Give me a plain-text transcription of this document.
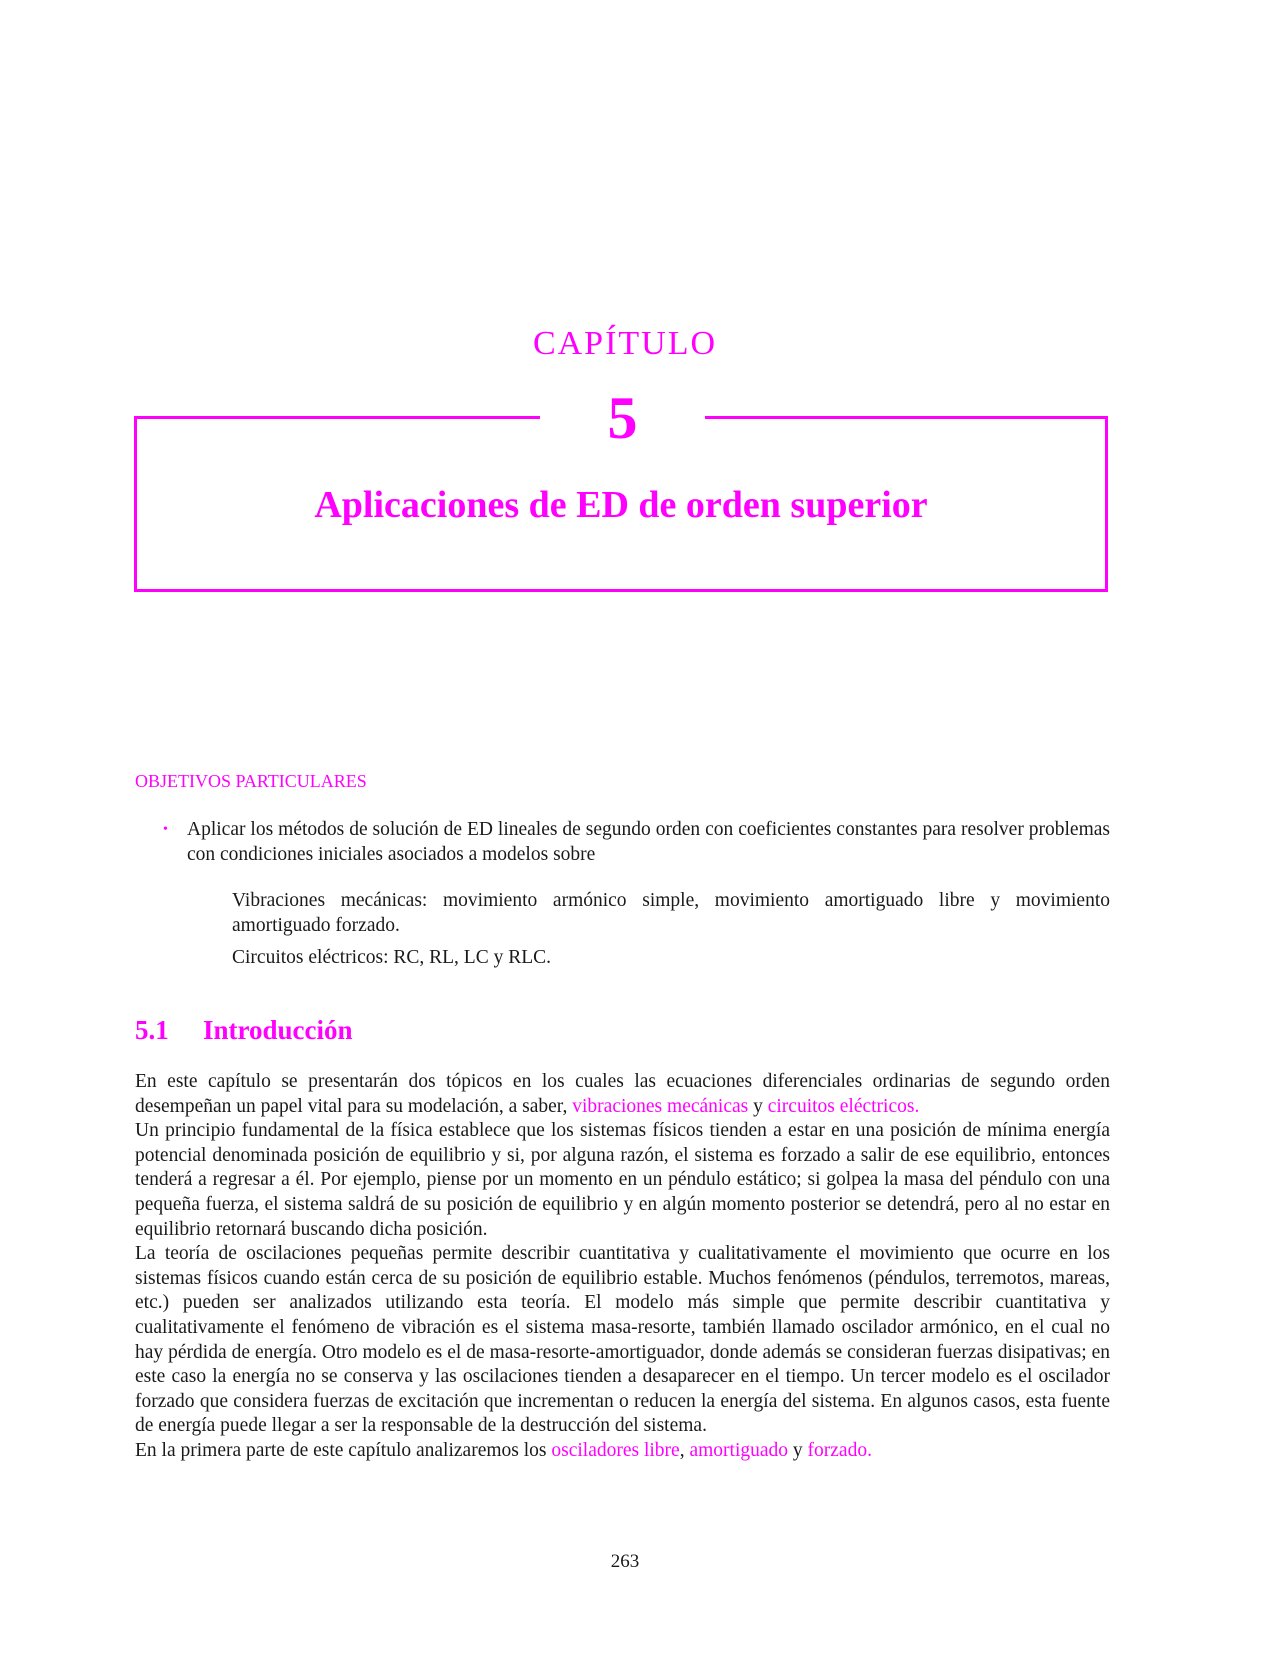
CAPÍTULO
5
Aplicaciones de ED de orden superior
OBJETIVOS PARTICULARES
• Aplicar los métodos de solución de ED lineales de segundo orden con coeficientes constantes para resolver problemas con condiciones iniciales asociados a modelos sobre
Vibraciones mecánicas: movimiento armónico simple, movimiento amortiguado libre y movimiento amortiguado forzado.
Circuitos eléctricos: RC, RL, LC y RLC.
5.1 Introducción

En este capítulo se presentarán dos tópicos en los cuales las ecuaciones diferenciales ordinarias de segundo orden desempeñan un papel vital para su modelación, a saber, vibraciones mecánicas y circuitos eléctricos.

Un principio fundamental de la física establece que los sistemas físicos tienden a estar en una posición de mínima energía potencial denominada posición de equilibrio y si, por alguna razón, el sistema es forzado a salir de ese equilibrio, entonces tenderá a regresar a él. Por ejemplo, piense por un momento en un péndulo estático; si golpea la masa del péndulo con una pequeña fuerza, el sistema saldrá de su posición de equilibrio y en algún momento posterior se detendrá, pero al no estar en equilibrio retornará buscando dicha posición.

La teoría de oscilaciones pequeñas permite describir cuantitativa y cualitativamente el movimiento que ocurre en los sistemas físicos cuando están cerca de su posición de equilibrio estable. Muchos fenómenos (péndulos, terremotos, mareas, etc.) pueden ser analizados utilizando esta teoría. El modelo más simple que permite describir cuantitativa y cualitativamente el fenómeno de vibración es el sistema masa-resorte, también llamado oscilador armónico, en el cual no hay pérdida de energía. Otro modelo es el de masa-resorte-amortiguador, donde además se consideran fuerzas disipativas; en este caso la energía no se conserva y las oscilaciones tienden a desaparecer en el tiempo. Un tercer modelo es el oscilador forzado que considera fuerzas de excitación que incrementan o reducen la energía del sistema. En algunos casos, esta fuente de energía puede llegar a ser la responsable de la destrucción del sistema.

En la primera parte de este capítulo analizaremos los osciladores libre, amortiguado y forzado.

263
